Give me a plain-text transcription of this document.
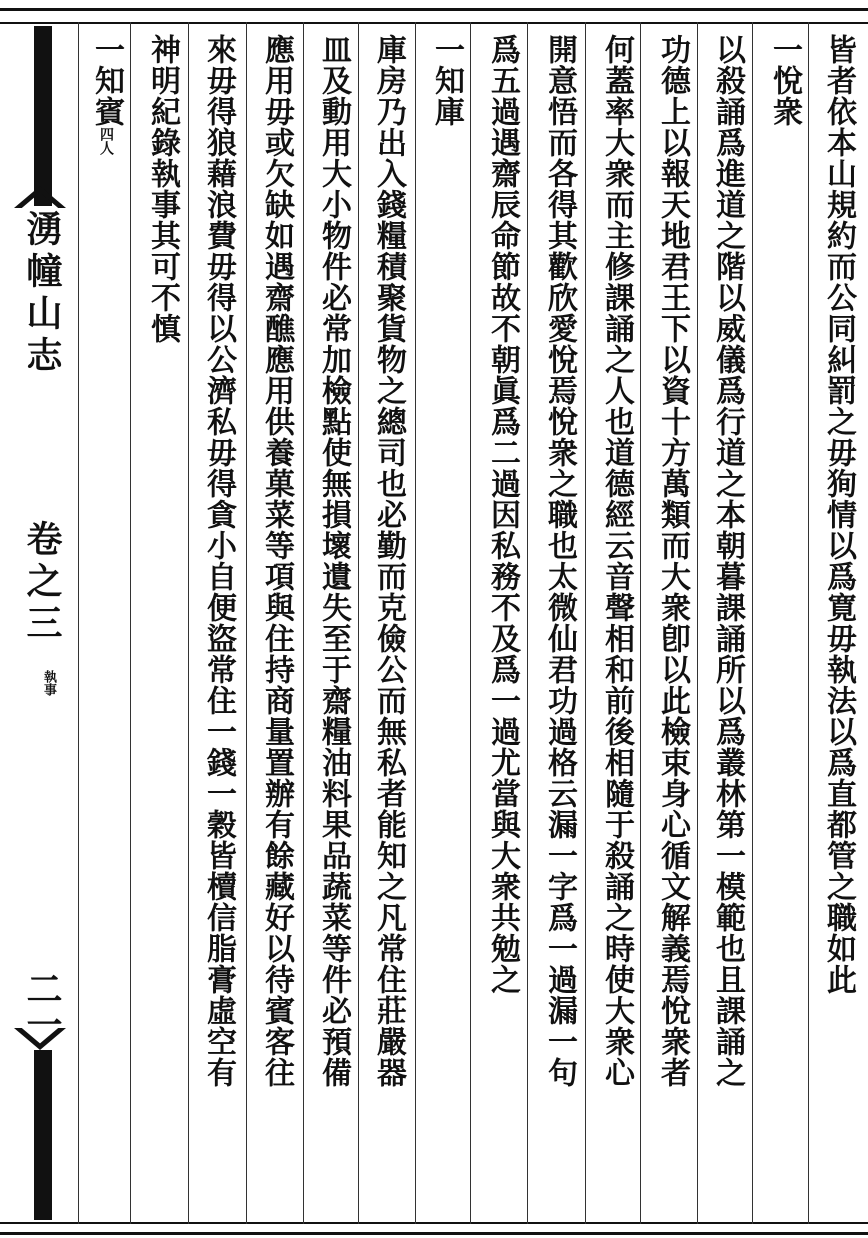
湧幢山志
卷之三
執事
二一
皆者依本山規約而公同糾罰之毋狥情以爲寛毋執法以爲直都管之職如此
一悅衆
以殺誦爲進道之階以威儀爲行道之本朝暮課誦所以爲叢林第一模範也且課誦之
功德上以報天地君王下以資十方萬類而大衆卽以此檢束身心循文解義焉悅衆者
何蓋率大衆而主修課誦之人也道德經云音聲相和前後相隨于殺誦之時使大衆心
開意悟而各得其歡欣愛悅焉悅衆之職也太微仙君功過格云漏一字爲一過漏一句
爲五過遇齋辰命節故不朝眞爲二過因私務不及爲一過尤當與大衆共勉之
一知庫
庫房乃出入錢糧積聚貨物之總司也必勤而克儉公而無私者能知之凡常住莊嚴器
皿及動用大小物件必常加檢點使無損壞遺失至于齋糧油料果品蔬菜等件必預備
應用毋或欠缺如遇齋醮應用供養菓菜等項與住持商量置辦有餘藏好以待賓客往
來毋得狼藉浪費毋得以公濟私毋得貪小自便盜常住一錢一穀皆櫝信脂膏虛空有
神明紀錄執事其可不慎
一知賓四人
